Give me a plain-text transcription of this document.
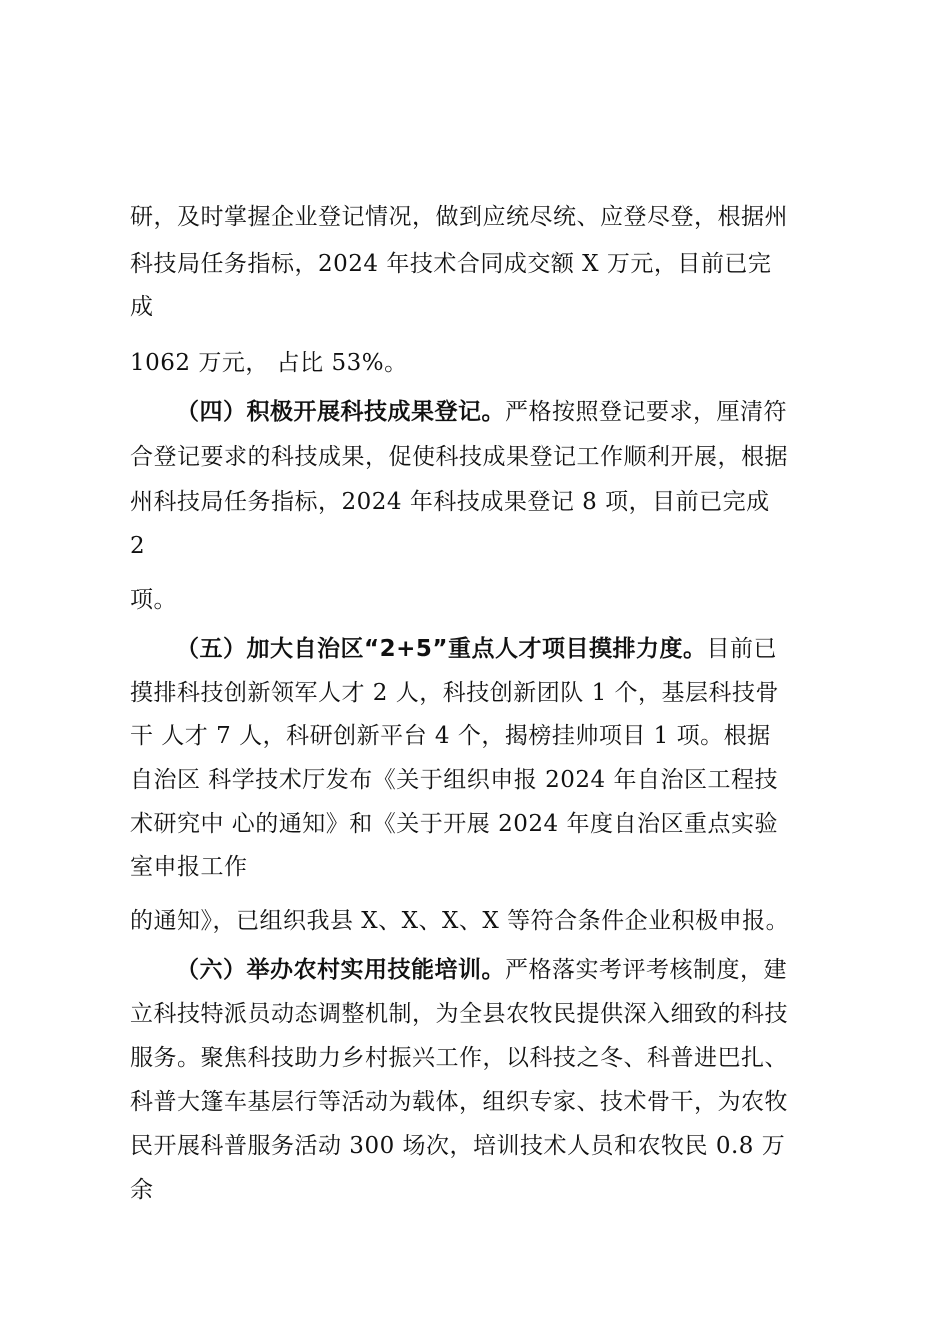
研，及时掌握企业登记情况，做到应统尽统、应登尽登，根据州
科技局任务指标，2024 年技术合同成交额 X 万元，目前已完
成
1062 万元， 占比 53%。
（四）积极开展科技成果登记。严格按照登记要求，厘清符
合登记要求的科技成果，促使科技成果登记工作顺利开展，根据
州科技局任务指标，2024 年科技成果登记 8 项，目前已完成
2
项。
（五）加大自治区“2+5”重点人才项目摸排力度。目前已
摸排科技创新领军人才 2 人，科技创新团队 1 个，基层科技骨
干 人才 7 人，科研创新平台 4 个，揭榜挂帅项目 1 项。根据
自治区 科学技术厅发布《关于组织申报 2024 年自治区工程技
术研究中 心的通知》和《关于开展 2024 年度自治区重点实验
室申报工作
的通知》，已组织我县 X、X、X、X 等符合条件企业积极申报。
（六）举办农村实用技能培训。严格落实考评考核制度，建
立科技特派员动态调整机制，为全县农牧民提供深入细致的科技
服务。聚焦科技助力乡村振兴工作，以科技之冬、科普进巴扎、
科普大篷车基层行等活动为载体，组织专家、技术骨干，为农牧
民开展科普服务活动 300 场次，培训技术人员和农牧民 0.8 万
余
